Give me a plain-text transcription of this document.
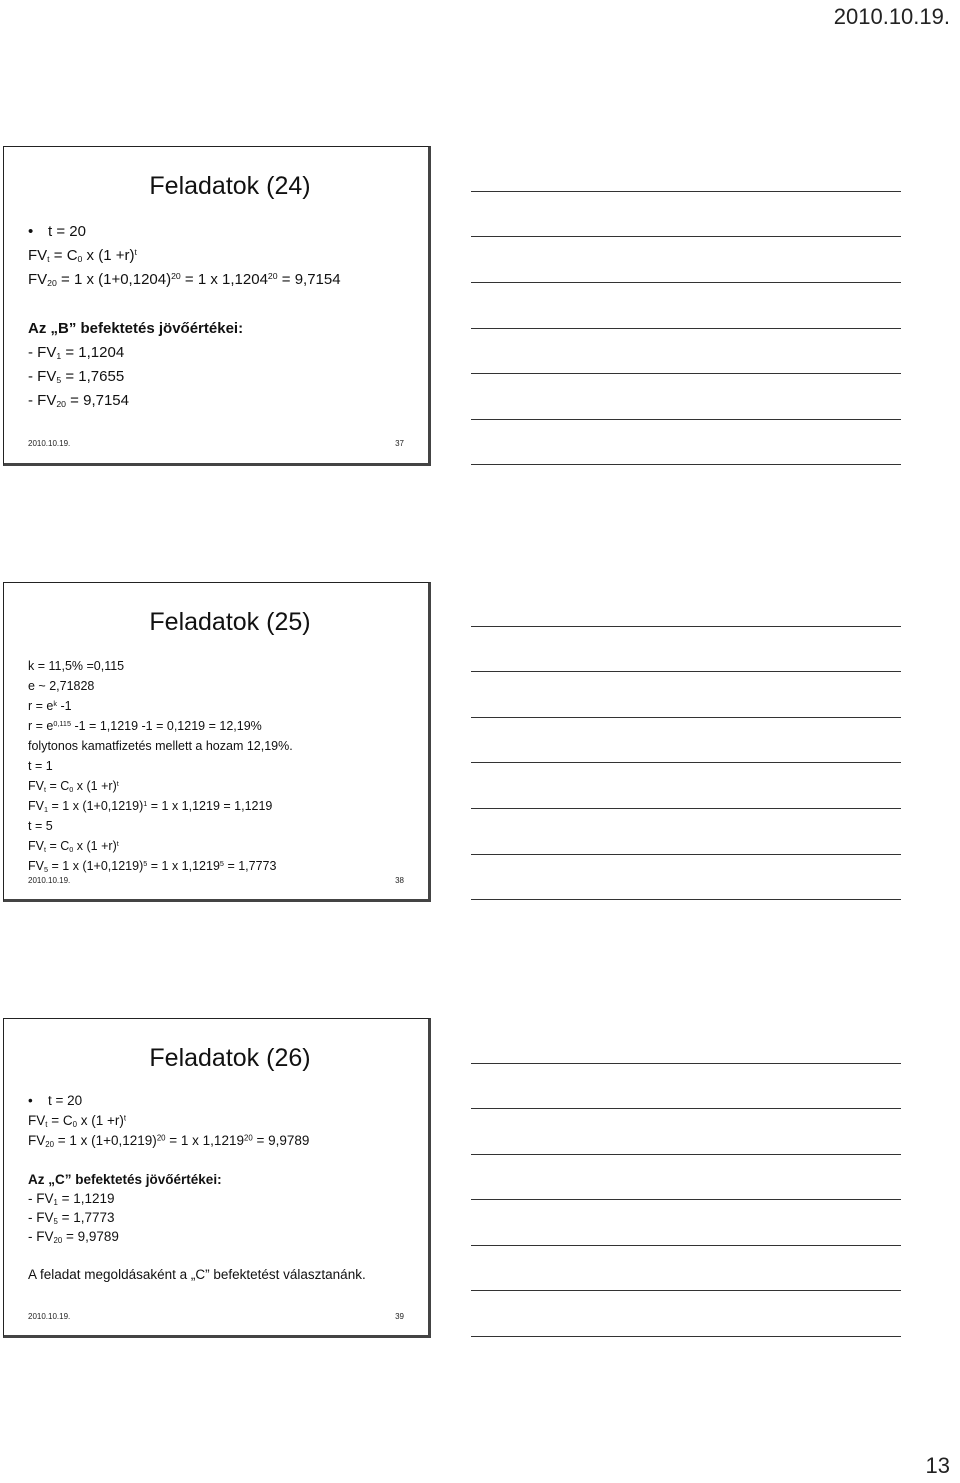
2010.10.19.
Feladatok (24)
• t = 20
$FV_t = C_0$ x $(1 +r)^t$
$FV_{20} = 1$ x $(1+0,1204)^{20} = 1$ x $1,1204^{20} = 9,7154$
Az „B” befektetés jövőértékei:
- $FV_1 = 1,1204$
- $FV_5 = 1,7655$
- $FV_{20} = 9,7154$
2010.10.19.	37
Feladatok (25)
k = 11,5% =0,115
e ~ 2,71828
$r = e^k$ -1
$r = e^{0,115}$ -1 = 1,1219 -1 = 0,1219 = 12,19%
folytonos kamatfizetés mellett a hozam 12,19%.
t = 1
$FV_t = C_0$ x $(1 +r)^t$
$FV_1 = 1$ x $(1+0,1219)^1 = 1$ x 1,1219 = 1,1219
t = 5
$FV_t = C_0$ x $(1 +r)^t$
$FV_5 = 1$ x $(1+0,1219)^5 = 1$ x $1,1219^5 = 1,7773$
2010.10.19.	38
Feladatok (26)
• t = 20
$FV_t = C_0$ x $(1 +r)^t$
$FV_{20} = 1$ x $(1+0,1219)^{20} = 1$ x $1,1219^{20} = 9,9789$
Az „C” befektetés jövőértékei:
- $FV_1 = 1,1219$
- $FV_5 = 1,7773$
- $FV_{20} = 9,9789$
A feladat megoldásaként a „C” befektetést választanánk.
2010.10.19.	39
13
